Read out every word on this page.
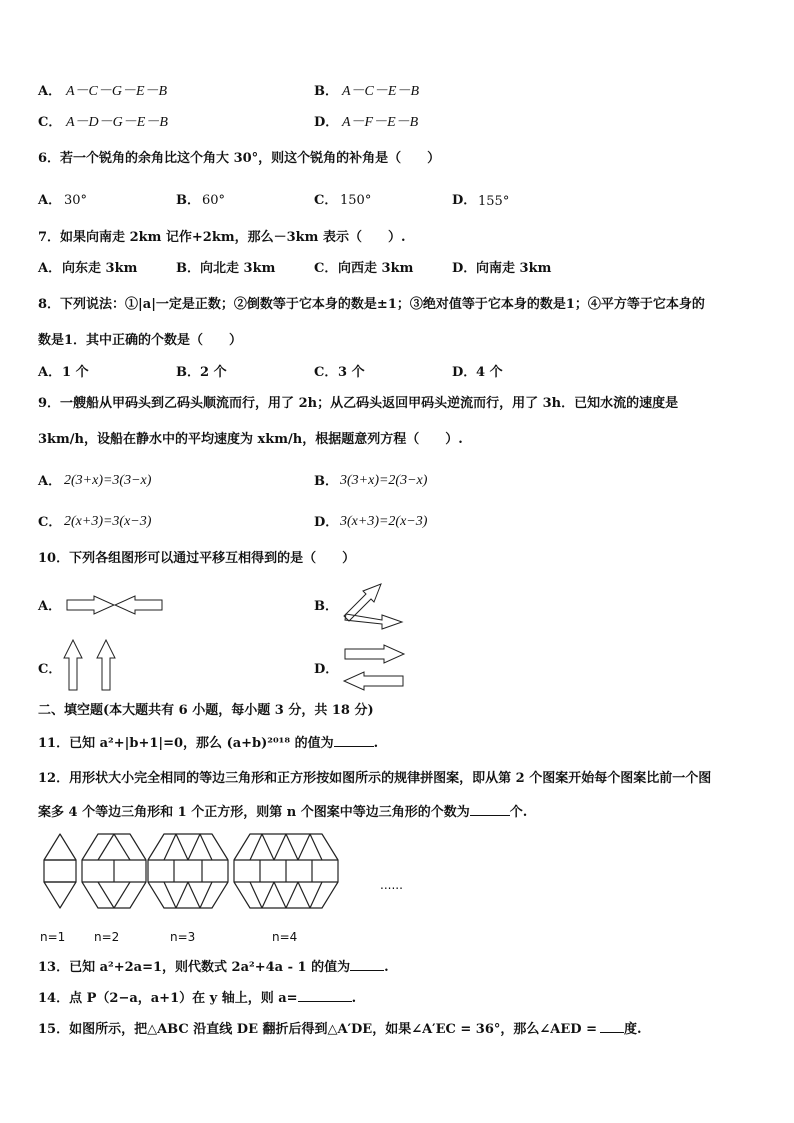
A． A－C－G－E－B	B． A－C－E－B
C． A－D－G－E－B	D． A－F－E－B
6．若一个锐角的余角比这个角大 30°，则这个锐角的补角是（　　）
A． 30°	B． 60°	C． 150°	D． 155°
7．如果向南走 2km 记作+2km，那么－3km 表示（　　）.
A． 向东走 3km	B． 向北走 3km	C． 向西走 3km	D． 向南走 3km
8．下列说法：①|a|一定是正数；②倒数等于它本身的数是±1；③绝对值等于它本身的数是1；④平方等于它本身的
数是1．其中正确的个数是（　　）
A． 1 个	B． 2 个	C． 3 个	D． 4 个
9．一艘船从甲码头到乙码头顺流而行，用了 2h；从乙码头返回甲码头逆流而行，用了 3h．已知水流的速度是
3km/h，设船在静水中的平均速度为 xkm/h，根据题意列方程（　　）.
A． 2(3+x)=3(3−x)	B． 3(3+x)=2(3−x)
C． 2(x+3)=3(x−3)	D． 3(x+3)=2(x−3)
10．下列各组图形可以通过平移互相得到的是（　　）
A．	B．
C．	D．
二、填空题(本大题共有 6 小题，每小题 3 分，共 18 分)
11．已知 a²+|b+1|=0，那么 (a+b)²⁰¹⁸ 的值为	.
12．用形状大小完全相同的等边三角形和正方形按如图所示的规律拼图案，即从第 2 个图案开始每个图案比前一个图
案多 4 个等边三角形和 1 个正方形，则第 n 个图案中等边三角形的个数为	个.
......
n=1 n=2	n=3	n=4
13．已知 a²+2a=1，则代数式 2a²+4a - 1 的值为	.
14．点 P（2−a，a+1）在 y 轴上，则 a=	.
15．如图所示，把△ABC 沿直线 DE 翻折后得到△A′DE，如果∠A′EC = 36°，那么∠AED = 度.
